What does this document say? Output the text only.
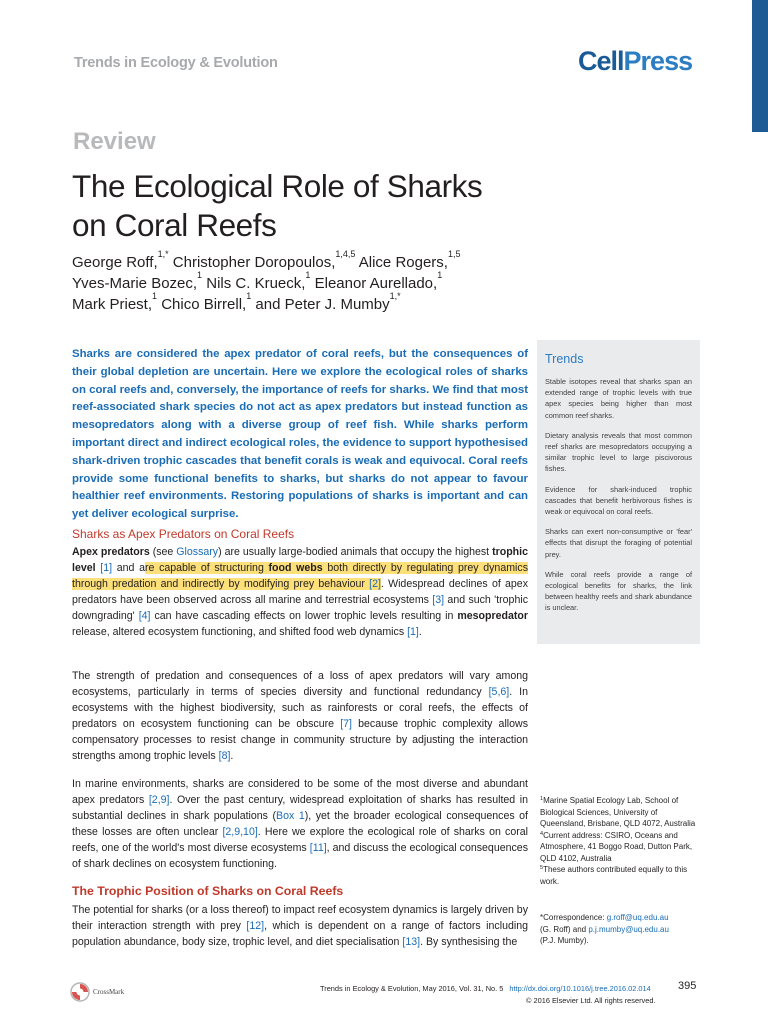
Trends in Ecology & Evolution	CellPress
Review
The Ecological Role of Sharks
on Coral Reefs
George Roff,$^{1,*}$ Christopher Doropoulos,$^{1,4,5}$ Alice Rogers,$^{1,5}$
Yves-Marie Bozec,$^1$ Nils C. Krueck,$^1$ Eleanor Aurellado,$^1$
Mark Priest,$^1$ Chico Birrell,$^1$ and Peter J. Mumby$^{1,*}$

Sharks are considered the apex predator of coral reefs, but the consequences of their global depletion are uncertain. Here we explore the ecological roles of sharks on coral reefs and, conversely, the importance of reefs for sharks. We find that most reef-associated shark species do not act as apex predators but instead function as mesopredators along with a diverse group of reef fish. While sharks perform important direct and indirect ecological roles, the evidence to support hypothesised shark-driven trophic cascades that benefit corals is weak and equivocal. Coral reefs provide some functional benefits to sharks, but sharks do not appear to favour healthier reef environments. Restoring populations of sharks is important and can yet deliver ecological surprise.

Sharks as Apex Predators on Coral Reefs

Apex predators (see Glossary) are usually large-bodied animals that occupy the highest trophic level [1] and are capable of structuring food webs both directly by regulating prey dynamics through predation and indirectly by modifying prey behaviour [2]. Widespread declines of apex predators have been observed across all marine and terrestrial ecosystems [3] and such 'trophic downgrading' [4] can have cascading effects on lower trophic levels resulting in mesopredator release, altered ecosystem functioning, and shifted food web dynamics [1].

The strength of predation and consequences of a loss of apex predators will vary among ecosystems, particularly in terms of species diversity and functional redundancy [5,6]. In ecosystems with the highest biodiversity, such as rainforests or coral reefs, the effects of predators on ecosystem functioning can be obscure [7] because trophic complexity allows compensatory processes to resist change in community structure by adjusting the interaction strengths among trophic levels [8].

In marine environments, sharks are considered to be some of the most diverse and abundant apex predators [2,9]. Over the past century, widespread exploitation of sharks has resulted in substantial declines in shark populations (Box 1), yet the broader ecological consequences of these losses are often unclear [2,9,10]. Here we explore the ecological role of sharks on coral reefs, one of the world's most diverse ecosystems [11], and discuss the ecological consequences of shark declines on ecosystem functioning.

The Trophic Position of Sharks on Coral Reefs

The potential for sharks (or a loss thereof) to impact reef ecosystem dynamics is largely driven by their interaction strength with prey [12], which is dependent on a range of factors including population abundance, body size, trophic level, and diet specialisation [13]. By synthesising the

Trends

Stable isotopes reveal that sharks span an extended range of trophic levels with true apex species being higher than most common reef sharks.

Dietary analysis reveals that most common reef sharks are mesopredators occupying a similar trophic level to large piscivorous fishes.

Evidence for shark-induced trophic cascades that benefit herbivorous fishes is weak or equivocal on coral reefs.

Sharks can exert non-consumptive or 'fear' effects that disrupt the foraging of potential prey.

While coral reefs provide a range of ecological benefits for sharks, the link between healthy reefs and shark abundance is unclear.

$^1$Marine Spatial Ecology Lab, School of Biological Sciences, University of Queensland, Brisbane, QLD 4072, Australia
$^4$Current address: CSIRO, Oceans and Atmosphere, 41 Boggo Road, Dutton Park, QLD 4102, Australia
$^5$These authors contributed equally to this work.
*Correspondence: g.roff@uq.edu.au
(G. Roff) and p.j.mumby@uq.edu.au
(P.J. Mumby).
CrossMark	Trends in Ecology & Evolution, May 2016, Vol. 31, No. 5 http://dx.doi.org/10.1016/j.tree.2016.02.014 395
© 2016 Elsevier Ltd. All rights reserved.
